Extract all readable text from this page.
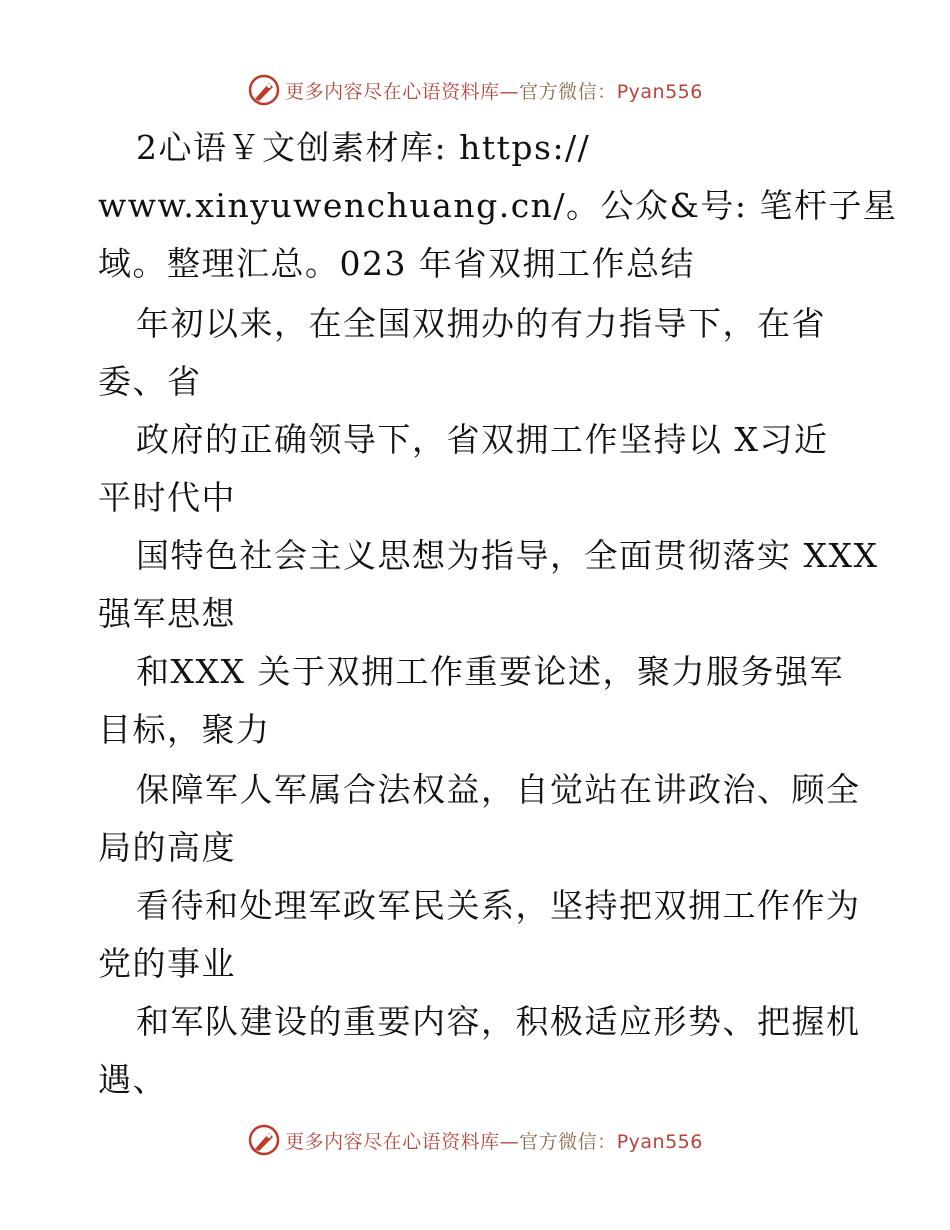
更多内容尽在心语资料库—官方微信：Pyan556
2心语￥文创素材库: https://
www.xinyuwenchuang.cn/。公众&号: 笔杆子星
域。整理汇总。023 年省双拥工作总结
年初以来，在全国双拥办的有力指导下，在省
委、省
政府的正确领导下，省双拥工作坚持以 X习近
平时代中
国特色社会主义思想为指导，全面贯彻落实 XXX
强军思想
和XXX 关于双拥工作重要论述，聚力服务强军
目标，聚力
保障军人军属合法权益，自觉站在讲政治、顾全
局的高度
看待和处理军政军民关系，坚持把双拥工作作为
党的事业
和军队建设的重要内容，积极适应形势、把握机
遇、
更多内容尽在心语资料库—官方微信：Pyan556
